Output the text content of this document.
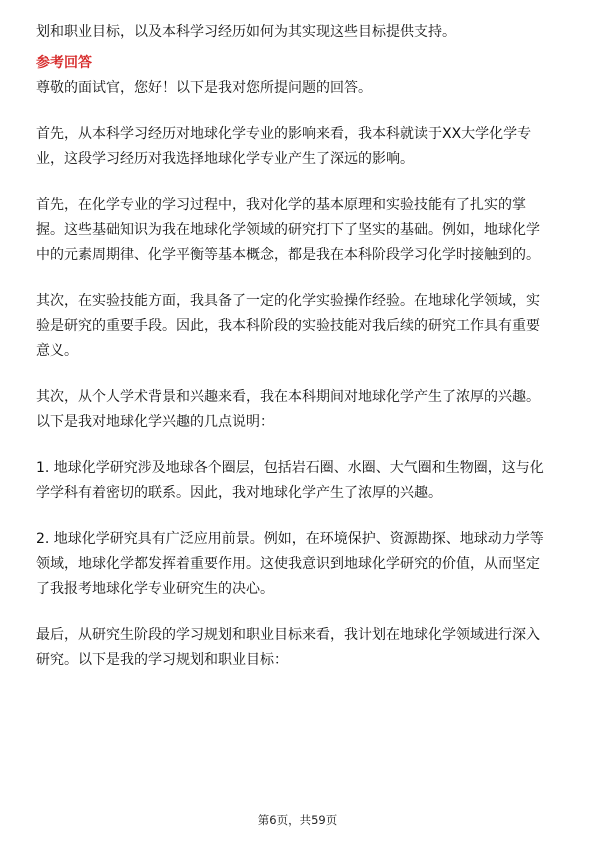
划和职业目标，以及本科学习经历如何为其实现这些目标提供支持。
参考回答
尊敬的面试官，您好！以下是我对您所提问题的回答。
首先，从本科学习经历对地球化学专业的影响来看，我本科就读于XX大学化学专
业，这段学习经历对我选择地球化学专业产生了深远的影响。
首先，在化学专业的学习过程中，我对化学的基本原理和实验技能有了扎实的掌
握。这些基础知识为我在地球化学领域的研究打下了坚实的基础。例如，地球化学
中的元素周期律、化学平衡等基本概念，都是我在本科阶段学习化学时接触到的。
其次，在实验技能方面，我具备了一定的化学实验操作经验。在地球化学领域，实
验是研究的重要手段。因此，我本科阶段的实验技能对我后续的研究工作具有重要
意义。
其次，从个人学术背景和兴趣来看，我在本科期间对地球化学产生了浓厚的兴趣。
以下是我对地球化学兴趣的几点说明：
1. 地球化学研究涉及地球各个圈层，包括岩石圈、水圈、大气圈和生物圈，这与化
学学科有着密切的联系。因此，我对地球化学产生了浓厚的兴趣。
2. 地球化学研究具有广泛应用前景。例如，在环境保护、资源勘探、地球动力学等
领域，地球化学都发挥着重要作用。这使我意识到地球化学研究的价值，从而坚定
了我报考地球化学专业研究生的决心。
最后，从研究生阶段的学习规划和职业目标来看，我计划在地球化学领域进行深入
研究。以下是我的学习规划和职业目标：
第6页，共59页
